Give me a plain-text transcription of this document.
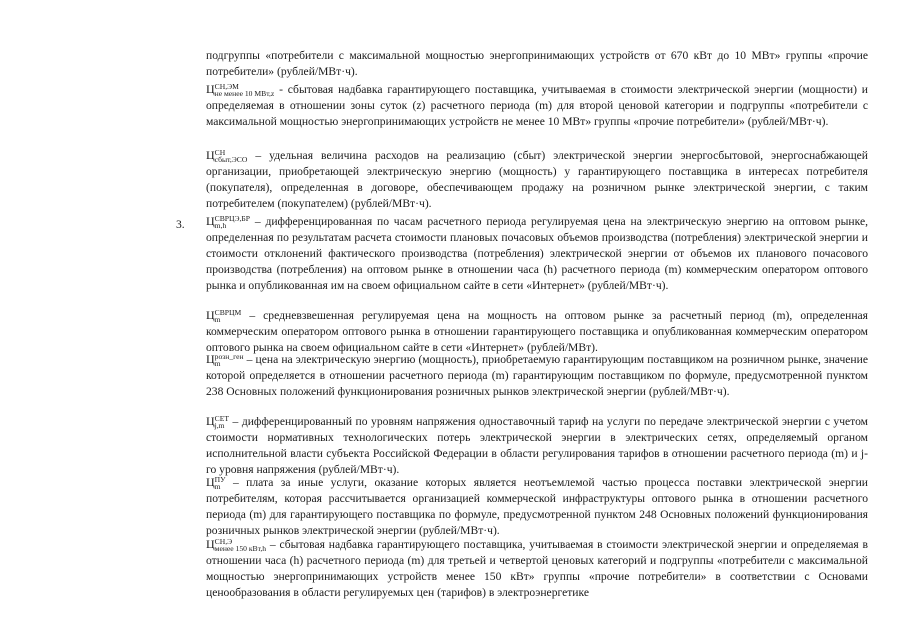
подгруппы «потребители с максимальной мощностью энергопринимающих устройств от 670 кВт до 10 МВт» группы «прочие потребители» (рублей/МВт·ч).

Ц СН,ЭМ
не менее 10 МВт,z - сбытовая надбавка гарантирующего поставщика, учитываемая в стоимости электрической энергии (мощности) и определяемая в отношении зоны суток (z) расчетного периода (m) для второй ценовой категории и подгруппы «потребители с максимальной мощностью энергопринимающих устройств не менее 10 МВт» группы «прочие потребители» (рублей/МВт·ч).

Ц СН
сбыт,ЭСО – удельная величина расходов на реализацию (сбыт) электрической энергии энергосбытовой, энергоснабжающей организации, приобретающей электрическую энергию (мощность) у гарантирующего поставщика в интересах потребителя (покупателя), определенная в договоре, обеспечивающем продажу на розничном рынке электрической энергии, с таким потребителем (покупателем) (рублей/МВт·ч).

3. Ц СВРЦЭ,БР
m,h	– дифференцированная по часам расчетного периода регулируемая цена на электрическую энергию на оптовом рынке, определенная по результатам расчета стоимости плановых почасовых объемов производства (потребления) электрической энергии и стоимости отклонений фактического производства (потребления) электрической энергии от объемов их планового почасового производства (потребления) на оптовом рынке в отношении часа (h) расчетного периода (m) коммерческим оператором оптового рынка и опубликованная им на своем официальном сайте в сети «Интернет» (рублей/МВт·ч).

Ц СВРЦМ
m	– средневзвешенная регулируемая цена на мощность на оптовом рынке за расчетный период (m), определенная коммерческим оператором оптового рынка в отношении гарантирующего поставщика и опубликованная коммерческим оператором оптового рынка на своем официальном сайте в сети «Интернет» (рублей/МВт).

Ц розн_ген
m	– цена на электрическую энергию (мощность), приобретаемую гарантирующим поставщиком на розничном рынке, значение которой определяется в отношении расчетного периода (m) гарантирующим поставщиком по формуле, предусмотренной пунктом 238 Основных положений функционирования розничных рынков электрической энергии (рублей/МВт·ч).

Ц СЕТ
j,m – дифференцированный по уровням напряжения одноставочный тариф на услуги по передаче электрической энергии с учетом стоимости нормативных технологических потерь электрической энергии в электрических сетях, определяемый органом исполнительной власти субъекта Российской Федерации в области регулирования тарифов в отношении расчетного периода (m) и j-го уровня напряжения (рублей/МВт·ч).

Ц ПУ
m – плата за иные услуги, оказание которых является неотъемлемой частью процесса поставки электрической энергии потребителям, которая рассчитывается организацией коммерческой инфраструктуры оптового рынка в отношении расчетного периода (m) для гарантирующего поставщика по формуле, предусмотренной пунктом 248 Основных положений функционирования розничных рынков электрической энергии (рублей/МВт·ч).

Ц СН,Э
менее 150 кВт,h – сбытовая надбавка гарантирующего поставщика, учитываемая в стоимости электрической энергии и определяемая в отношении часа (h) расчетного периода (m) для третьей и четвертой ценовых категорий и подгруппы «потребители с максимальной мощностью энергопринимающих устройств менее 150 кВт» группы «прочие потребители» в соответствии с Основами ценообразования в области регулируемых цен (тарифов) в электроэнергетике
